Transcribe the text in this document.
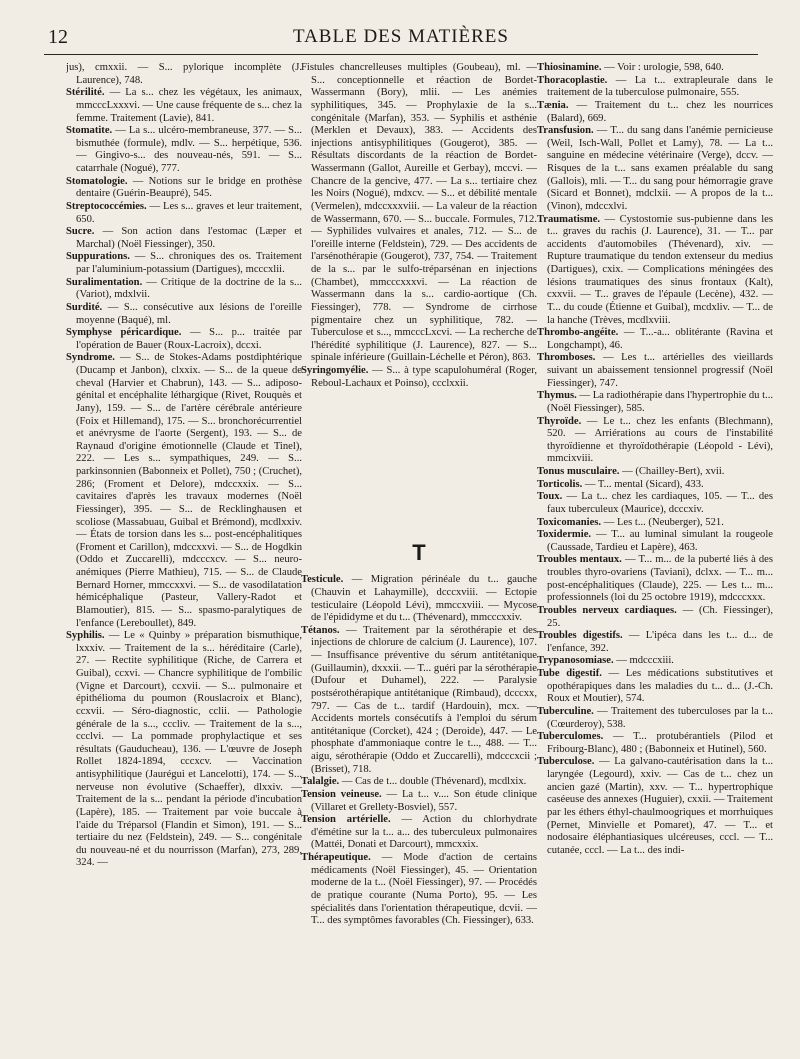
12	TABLE DES MATIÈRES

jus), cmxxii. — S... pylorique incomplète (J. Laurence), 748.

Stérilité. — La s... chez les végétaux, les animaux, mmcccLxxxvi. — Une cause fréquente de s... chez la femme. Traitement (Lavie), 841.

Stomatite. — La s... ulcéro-membraneuse, 377. — S... bismuthée (formule), mdlv. — S... herpétique, 536. — Gingivo-s... des nouveau-nés, 591. — S... catarrhale (Nogué), 777.

Stomatologie. — Notions sur le bridge en prothèse dentaire (Guérin-Beaupré), 545.

Streptococcémies. — Les s... graves et leur traitement, 650.

Sucre. — Son action dans l'estomac (Læper et Marchal) (Noël Fiessinger), 350.

Suppurations. — S... chroniques des os. Traitement par l'aluminium-potassium (Dartigues), mcccxlii.

Suralimentation. — Critique de la doctrine de la s... (Variot), mdxlvii.

Surdité. — S... consécutive aux lésions de l'oreille moyenne (Baqué), ml.

Symphyse péricardique. — S... p... traitée par l'opération de Bauer (Roux-Lacroix), dccxi.

Syndrome. — S... de Stokes-Adams postdiphtérique (Ducamp et Janbon), clxxix. — S... de la queue de cheval (Harvier et Chabrun), 143. — S... adiposo-génital et encéphalite léthargique (Rivet, Rouquès et Jany), 159. — S... de l'artère cérébrale antérieure (Foix et Hillemand), 175. — S... bronchorécurrentiel et anévrysme de l'aorte (Sergent), 193. — S... de Raynaud d'origine émotionnelle (Claude et Tinel), 222. — Les s... sympathiques, 249. — S... parkinsonnien (Babonneix et Pollet), 750 ; (Cruchet), 286; (Froment et Delore), mdccxxix. — S... cavitaires d'après les travaux modernes (Noël Fiessinger), 395. — S... de Recklinghausen et scoliose (Massabuau, Guibal et Brémond), mcdlxxiv. — États de torsion dans les s... post-encéphalitiques (Froment et Carillon), mdccxxvi. — S... de Hogdkin (Oddo et Zuccarelli), mdcccxcv. — S... neuro-anémiques (Pierre Mathieu), 715. — S... de Claude Bernard Horner, mmccxxvi. — S... de vasodilatation hémicéphalique (Pasteur, Vallery-Radot et Blamoutier), 815. — S... spasmo-paralytiques de l'enfance (Lereboullet), 849.

Syphilis. — Le « Quinby » préparation bismuthique, lxxxiv. — Traitement de la s... héréditaire (Carle), 27. — Rectite syphilitique (Riche, de Carrera et Guibal), ccxvi. — Chancre syphilitique de l'ombilic (Vigne et Darcourt), ccxvii. — S... pulmonaire et épithélioma du poumon (Rouslacroix et Blanc), ccxvii. — Séro-diagnostic, cclii. — Pathologie générale de la s..., cccliv. — Traitement de la s..., ccclvi. — La pommade prophylactique et ses résultats (Gauducheau), 136. — L'œuvre de Joseph Rollet 1824-1894, cccxcv. — Vaccination antisyphilitique (Jaurégui et Lancelotti), 174. — S... nerveuse non évolutive (Schaeffer), dlxxiv. — Traitement de la s... pendant la période d'incubation (Lapère), 185. — Traitement par voie buccale à l'aide du Tréparsol (Flandin et Simon), 191. — S... tertiaire du nez (Feldstein), 249. — S... congénitale du nouveau-né et du nourrisson (Marfan), 273, 289, 324. —

Fistules chancrelleuses multiples (Goubeau), ml. — S... conceptionnelle et réaction de Bordet-Wassermann (Bory), mlii. — Les anémies syphilitiques, 345. — Prophylaxie de la s... congénitale (Marfan), 353. — Syphilis et asthénie (Merklen et Devaux), 383. — Accidents des injections antisyphilitiques (Gougerot), 385. — Résultats discordants de la réaction de Bordet-Wassermann (Gallot, Aureille et Gerbay), mccvi. — Chancre de la gencive, 477. — La s... tertiaire chez les Noirs (Nogué), mdxcv. — S... et débilité mentale (Vermelen), mdccxxxviii. — La valeur de la réaction de Wassermann, 670. — S... buccale. Formules, 712. — Syphilides vulvaires et anales, 712. — S... de l'oreille interne (Feldstein), 729. — Des accidents de l'arsénothérapie (Gougerot), 737, 754. — Traitement de la s... par le sulfo-tréparsénan en injections (Chambet), mmcccxxxvi. — La réaction de Wassermann dans la s... cardio-aortique (Ch. Fiessinger), 778. — Syndrome de cirrhose pigmentaire chez un syphilitique, 782. — Tuberculose et s..., mmcccLxcvi. — La recherche de l'hérédité syphilitique (J. Laurence), 827. — S... spinale inférieure (Guillain-Léchelle et Péron), 863.

Syringomyélie. — S... à type scapulohuméral (Roger, Reboul-Lachaux et Poinso), ccclxxii.

T

Testicule. — Migration périnéale du t... gauche (Chauvin et Lahaymille), dcccxviii. — Ectopie testiculaire (Léopold Lévi), mmccxviii. — Mycose de l'épididyme et du t... (Thévenard), mmcccxxiv.

Tétanos. — Traitement par la sérothérapie et des injections de chlorure de calcium (J. Laurence), 107. — Insuffisance préventive du sérum antitétanique (Guillaumin), dxxxii. — T... guéri par la sérothérapie (Dufour et Duhamel), 222. — Paralysie postsérothérapique antitétanique (Rimbaud), dcccxx, 797. — Cas de t... tardif (Hardouin), mcx. — Accidents mortels consécutifs à l'emploi du sérum antitétanique (Corcket), 424 ; (Deroide), 447. — Le phosphate d'ammoniaque contre le t..., 488. — T... aigu, sérothérapie (Oddo et Zuccarelli), mdcccxcii ; (Brisset), 718.

Talalgie. — Cas de t... double (Thévenard), mcdlxix.

Tension veineuse. — La t... v.... Son étude clinique (Villaret et Grellety-Bosviel), 557.

Tension artérielle. — Action du chlorhydrate d'émétine sur la t... a... des tuberculeux pulmonaires (Mattéi, Donati et Darcourt), mmcxxix.

Thérapeutique. — Mode d'action de certains médicaments (Noël Fiessinger), 45. — Orientation moderne de la t... (Noël Fiessinger), 97. — Procédés de pratique courante (Numa Porto), 95. — Les spécialités dans l'orientation thérapeutique, dcvii. — T... des symptômes favorables (Ch. Fiessinger), 633.

Thiosinamine. — Voir : urologie, 598, 640.

Thoracoplastie. — La t... extrapleurale dans le traitement de la tuberculose pulmonaire, 555.

Tænia. — Traitement du t... chez les nourrices (Balard), 669.

Transfusion. — T... du sang dans l'anémie pernicieuse (Weil, Isch-Wall, Pollet et Lamy), 78. — La t... sanguine en médecine vétérinaire (Verge), dccv. — Risques de la t... sans examen préalable du sang (Gallois), mli. — T... du sang pour hémorragie grave (Sicard et Bonnet), mdclxii. — A propos de la t... (Vinon), mdccxlvi.

Traumatisme. — Cystostomie sus-pubienne dans les t... graves du rachis (J. Laurence), 31. — T... par accidents d'automobiles (Thévenard), xiv. — Rupture traumatique du tendon extenseur du medius (Dartigues), cxix. — Complications méningées des lésions traumatiques des sinus frontaux (Kalt), cxxvii. — T... graves de l'épaule (Lecène), 432. — T... du coude (Étienne et Guibal), mcdxliv. — T... de la hanche (Trèves, mcdlxviii.

Thrombo-angéite. — T...-a... oblitérante (Ravina et Longchampt), 46.

Thromboses. — Les t... artérielles des vieillards suivant un abaissement tensionnel progressif (Noël Fiessinger), 747.

Thymus. — La radiothérapie dans l'hypertrophie du t... (Noël Fiessinger), 585.

Thyroïde. — Le t... chez les enfants (Blechmann), 520. — Arriérations au cours de l'instabilité thyroïdienne et thyroïdothérapie (Léopold - Lévi), mmcixviii.

Tonus musculaire. — (Chailley-Bert), xvii.

Torticolis. — T... mental (Sicard), 433.

Toux. — La t... chez les cardiaques, 105. — T... des faux tuberculeux (Maurice), dcccxiv.

Toxicomanies. — Les t... (Neuberger), 521.

Toxidermie. — T... au luminal simulant la rougeole (Caussade, Tardieu et Lapère), 463.

Troubles mentaux. — T... m... de la puberté liés à des troubles thyro-ovariens (Taviani), dclxx. — T... m... post-encéphalitiques (Claude), 225. — Les t... m... professionnels (loi du 25 octobre 1919), mdcccxxx.

Troubles nerveux cardiaques. — (Ch. Fiessinger), 25.

Troubles digestifs. — L'ipéca dans les t... d... de l'enfance, 392.

Trypanosomiase. — mdcccxiii.

Tube digestif. — Les médications substitutives et opothérapiques dans les maladies du t... d... (J.-Ch. Roux et Moutier), 574.

Tuberculine. — Traitement des tuberculoses par la t... (Cœurderoy), 538.

Tuberculomes. — T... protubérantiels (Pilod et Fribourg-Blanc), 480 ; (Babonneix et Hutinel), 560.

Tuberculose. — La galvano-cautérisation dans la t... laryngée (Legourd), xxiv. — Cas de t... chez un ancien gazé (Martin), xxv. — T... hypertrophique caséeuse des annexes (Huguier), cxxii. — Traitement par les éthers éthyl-chaulmoogriques et morrhuiques (Pernet, Minvielle et Pomaret), 47. — T... et nodosaire éléphantiasiques ulcéreuses, cccl. — T... cutanée, cccl. — La t... des indi-
